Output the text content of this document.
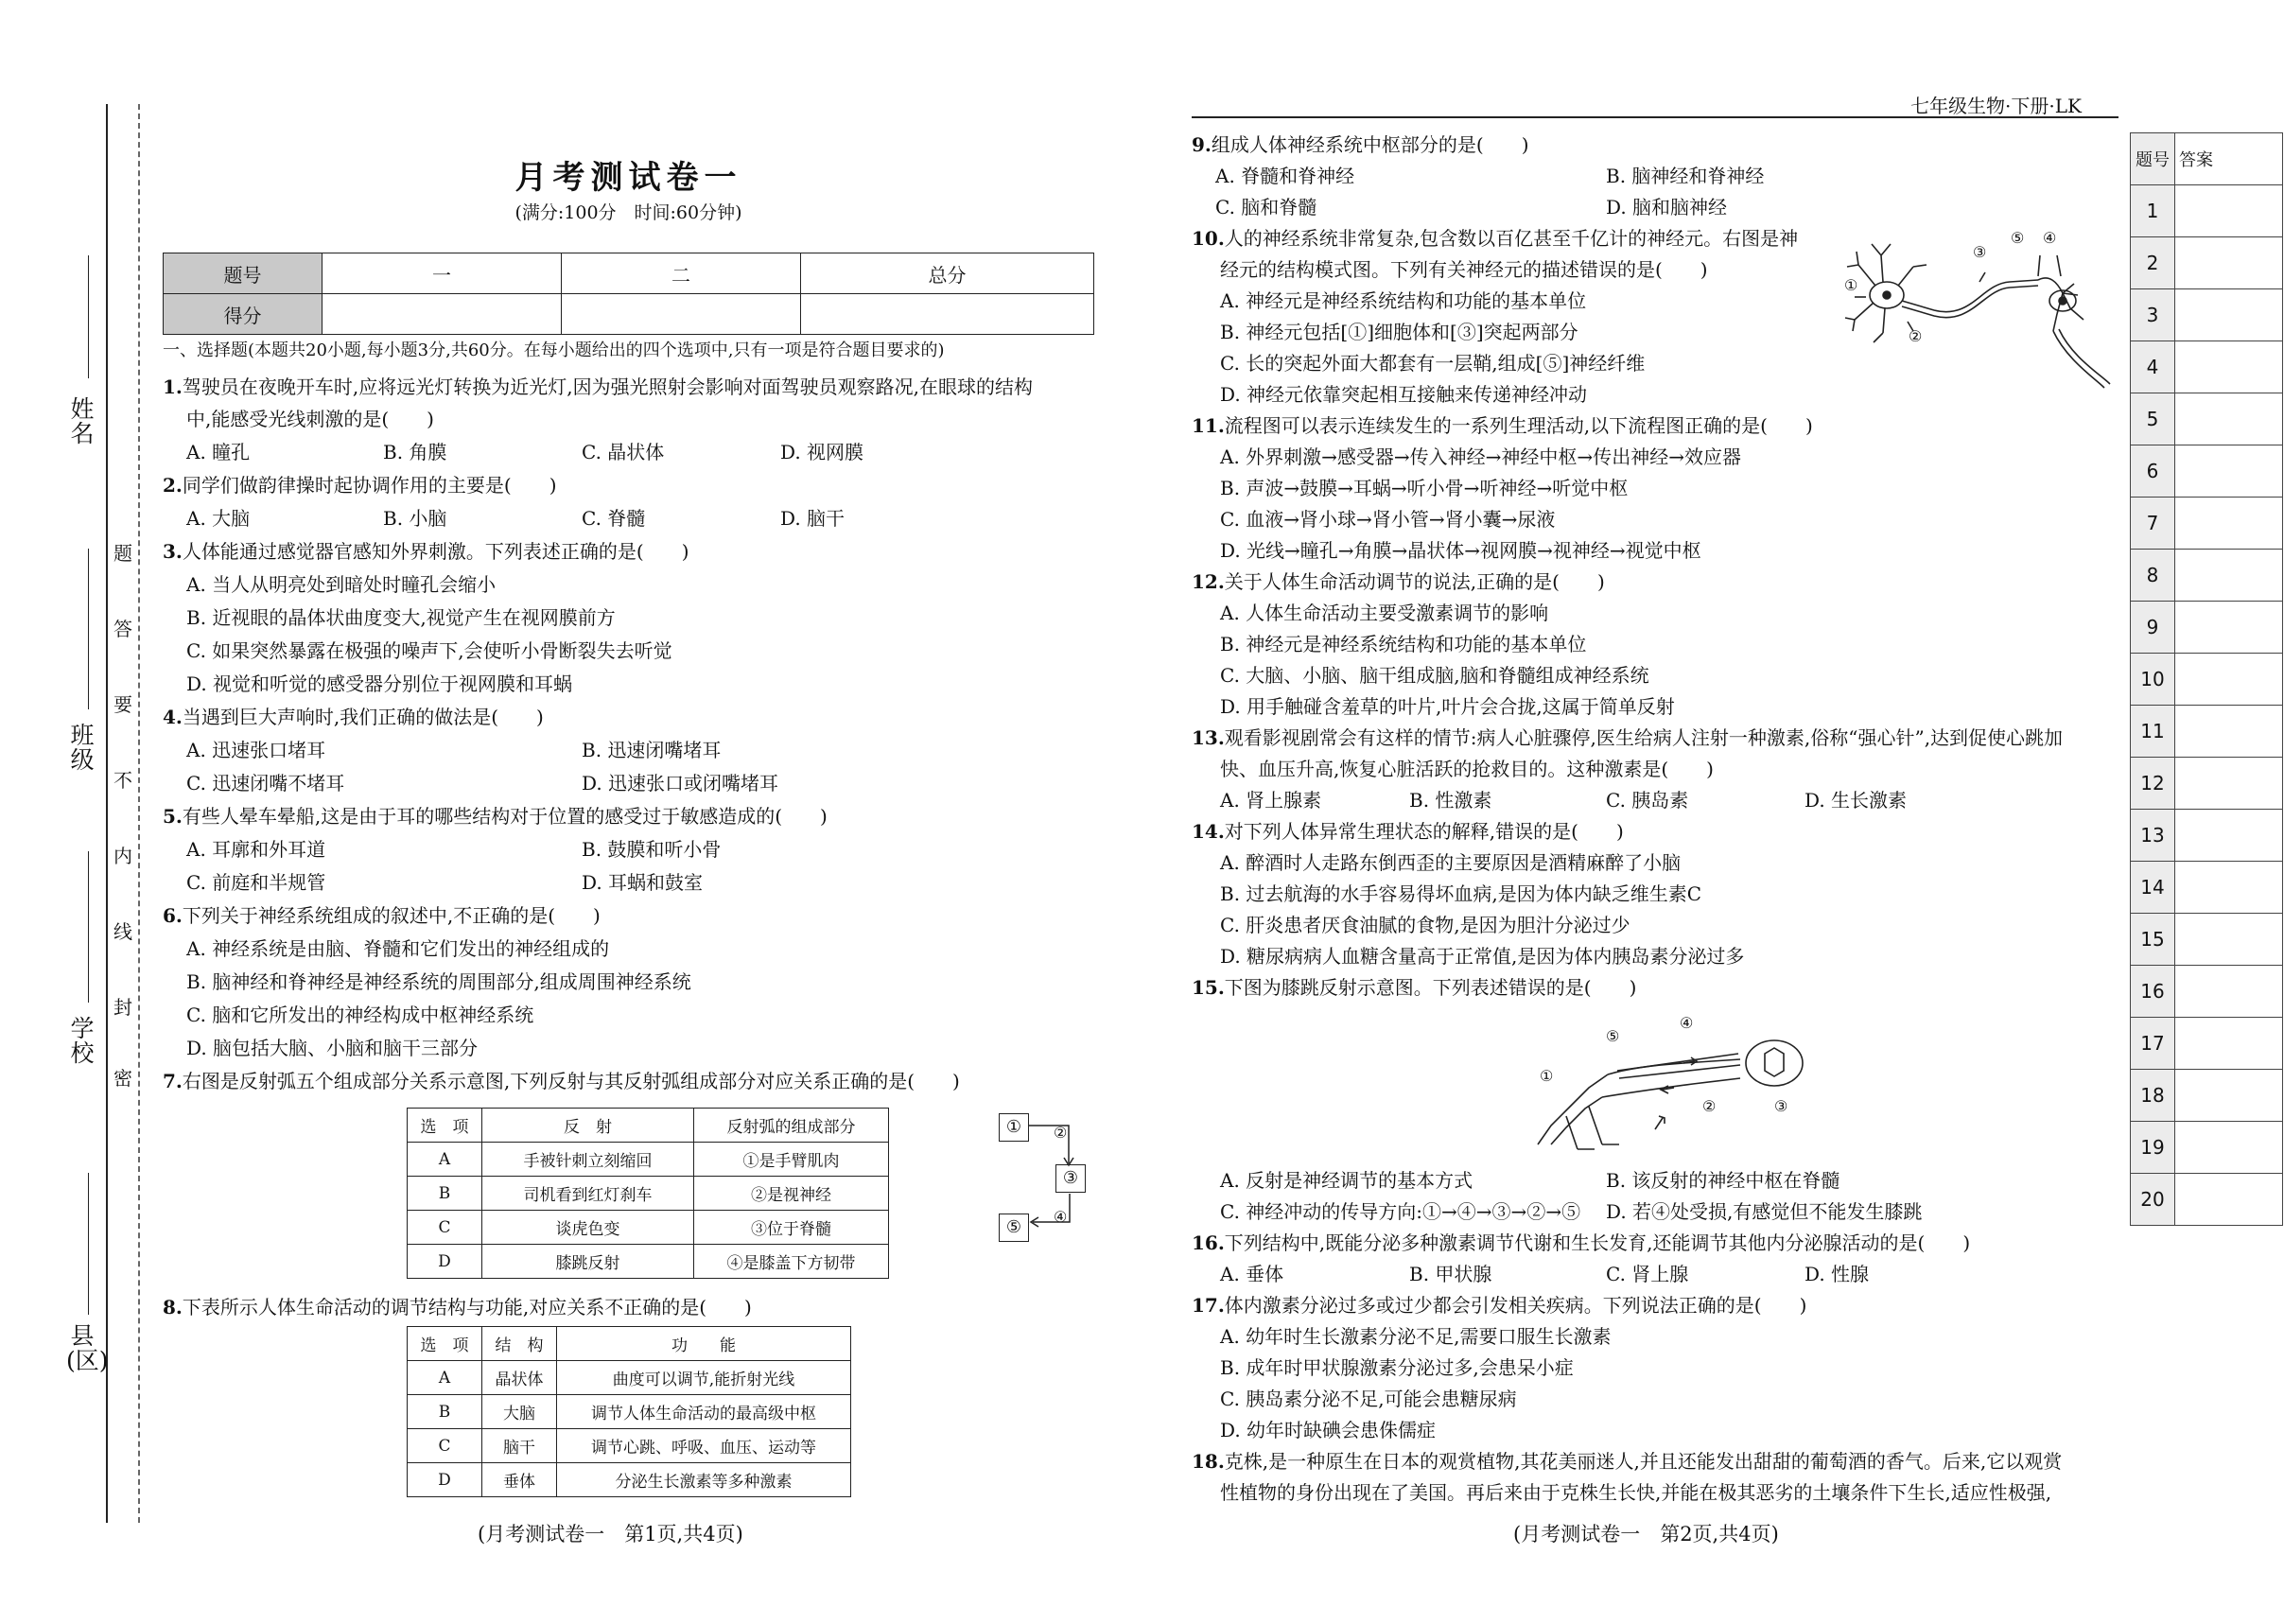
姓名
班级
学校
县(区)
题
答
要
不
内
线
封
密
月考测试卷一
(满分:100分　时间:60分钟)
题号	一	二	总分
得分			
一、选择题(本题共20小题,每小题3分,共60分。在每小题给出的四个选项中,只有一项是符合题目要求的)
1.驾驶员在夜晚开车时,应将远光灯转换为近光灯,因为强光照射会影响对面驾驶员观察路况,在眼球的结构
中,能感受光线刺激的是(　　)
A. 瞳孔	B. 角膜	C. 晶状体	D. 视网膜
2.同学们做韵律操时起协调作用的主要是(　　)
A. 大脑	B. 小脑	C. 脊髓	D. 脑干
3.人体能通过感觉器官感知外界刺激。下列表述正确的是(　　)
A. 当人从明亮处到暗处时瞳孔会缩小
B. 近视眼的晶体状曲度变大,视觉产生在视网膜前方
C. 如果突然暴露在极强的噪声下,会使听小骨断裂失去听觉
D. 视觉和听觉的感受器分别位于视网膜和耳蜗
4.当遇到巨大声响时,我们正确的做法是(　　)
A. 迅速张口堵耳	B. 迅速闭嘴堵耳
C. 迅速闭嘴不堵耳	D. 迅速张口或闭嘴堵耳
5.有些人晕车晕船,这是由于耳的哪些结构对于位置的感受过于敏感造成的(　　)
A. 耳廓和外耳道	B. 鼓膜和听小骨
C. 前庭和半规管	D. 耳蜗和鼓室
6.下列关于神经系统组成的叙述中,不正确的是(　　)
A. 神经系统是由脑、脊髓和它们发出的神经组成的
B. 脑神经和脊神经是神经系统的周围部分,组成周围神经系统
C. 脑和它所发出的神经构成中枢神经系统
D. 脑包括大脑、小脑和脑干三部分
7.右图是反射弧五个组成部分关系示意图,下列反射与其反射弧组成部分对应关系正确的是(　　)
选　项	反　射	反射弧的组成部分
A	手被针刺立刻缩回	①是手臂肌肉
B	司机看到红灯刹车	②是视神经
C	谈虎色变	③位于脊髓
D	膝跳反射	④是膝盖下方韧带
①
③
⑤
②
④
8.下表所示人体生命活动的调节结构与功能,对应关系不正确的是(　　)
选　项	结　构	功　　能
A	晶状体	曲度可以调节,能折射光线
B	大脑	调节人体生命活动的最高级中枢
C	脑干	调节心跳、呼吸、血压、运动等
D	垂体	分泌生长激素等多种激素
(月考测试卷一　第1页,共4页)
七年级生物·下册·LK
9.组成人体神经系统中枢部分的是(　　)
A. 脊髓和脊神经	B. 脑神经和脊神经
C. 脑和脊髓	D. 脑和脑神经
10.人的神经系统非常复杂,包含数以百亿甚至千亿计的神经元。右图是神
经元的结构模式图。下列有关神经元的描述错误的是(　　)
A. 神经元是神经系统结构和功能的基本单位
B. 神经元包括[①]细胞体和[③]突起两部分
C. 长的突起外面大都套有一层鞘,组成[⑤]神经纤维
D. 神经元依靠突起相互接触来传递神经冲动
①
②
③
④
⑤
11.流程图可以表示连续发生的一系列生理活动,以下流程图正确的是(　　)
A. 外界刺激→感受器→传入神经→神经中枢→传出神经→效应器
B. 声波→鼓膜→耳蜗→听小骨→听神经→听觉中枢
C. 血液→肾小球→肾小管→肾小囊→尿液
D. 光线→瞳孔→角膜→晶状体→视网膜→视神经→视觉中枢
12.关于人体生命活动调节的说法,正确的是(　　)
A. 人体生命活动主要受激素调节的影响
B. 神经元是神经系统结构和功能的基本单位
C. 大脑、小脑、脑干组成脑,脑和脊髓组成神经系统
D. 用手触碰含羞草的叶片,叶片会合拢,这属于简单反射
13.观看影视剧常会有这样的情节:病人心脏骤停,医生给病人注射一种激素,俗称“强心针”,达到促使心跳加
快、血压升高,恢复心脏活跃的抢救目的。这种激素是(　　)
A. 肾上腺素	B. 性激素	C. 胰岛素	D. 生长激素
14.对下列人体异常生理状态的解释,错误的是(　　)
A. 醉酒时人走路东倒西歪的主要原因是酒精麻醉了小脑
B. 过去航海的水手容易得坏血病,是因为体内缺乏维生素C
C. 肝炎患者厌食油腻的食物,是因为胆汁分泌过少
D. 糖尿病病人血糖含量高于正常值,是因为体内胰岛素分泌过多
15.下图为膝跳反射示意图。下列表述错误的是(　　)
①
②	③
④
⑤
A. 反射是神经调节的基本方式	B. 该反射的神经中枢在脊髓
C. 神经冲动的传导方向:①→④→③→②→⑤ D. 若④处受损,有感觉但不能发生膝跳
16.下列结构中,既能分泌多种激素调节代谢和生长发育,还能调节其他内分泌腺活动的是(　　)
A. 垂体	B. 甲状腺	C. 肾上腺	D. 性腺
17.体内激素分泌过多或过少都会引发相关疾病。下列说法正确的是(　　)
A. 幼年时生长激素分泌不足,需要口服生长激素
B. 成年时甲状腺激素分泌过多,会患呆小症
C. 胰岛素分泌不足,可能会患糖尿病
D. 幼年时缺碘会患侏儒症
18.克株,是一种原生在日本的观赏植物,其花美丽迷人,并且还能发出甜甜的葡萄酒的香气。后来,它以观赏
性植物的身份出现在了美国。再后来由于克株生长快,并能在极其恶劣的土壤条件下生长,适应性极强,
(月考测试卷一　第2页,共4页)
题号	答案
1	
2	
3	
4	
5	
6	
7	
8	
9	
10	
11	
12	
13	
14	
15	
16	
17	
18	
19	
20	
